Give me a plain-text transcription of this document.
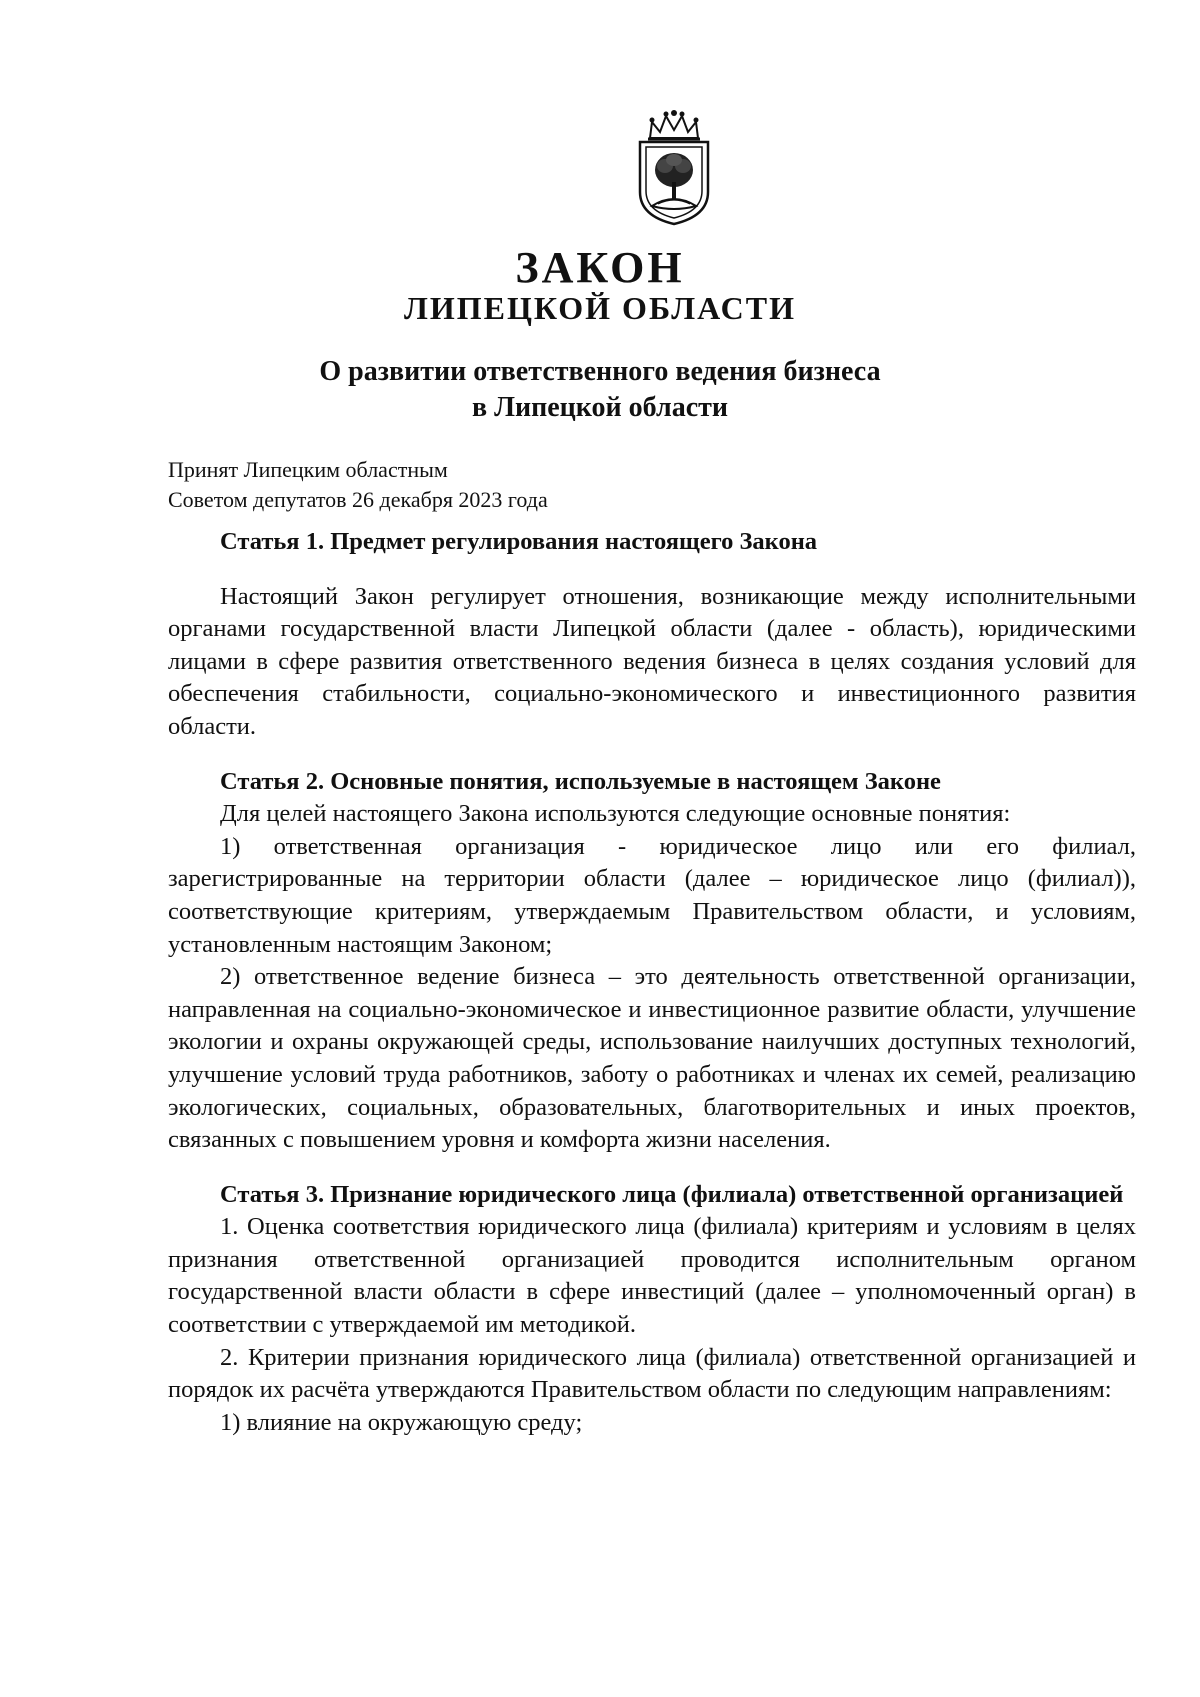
ЗАКОН
ЛИПЕЦКОЙ ОБЛАСТИ
О развитии ответственного ведения бизнеса
в Липецкой области
Принят Липецким областным
Советом депутатов 26 декабря 2023 года

Статья 1. Предмет регулирования настоящего Закона

Настоящий Закон регулирует отношения, возникающие между исполнительными органами государственной власти Липецкой области (далее - область), юридическими лицами в сфере развития ответственного ведения бизнеса в целях создания условий для обеспечения стабильности, социально-экономического и инвестиционного развития области.

Статья 2. Основные понятия, используемые в настоящем Законе

Для целей настоящего Закона используются следующие основные понятия:

1) ответственная организация - юридическое лицо или его филиал, зарегистрированные на территории области (далее – юридическое лицо (филиал)), соответствующие критериям, утверждаемым Правительством области, и условиям, установленным настоящим Законом;

2) ответственное ведение бизнеса – это деятельность ответственной организации, направленная на социально-экономическое и инвестиционное развитие области, улучшение экологии и охраны окружающей среды, использование наилучших доступных технологий, улучшение условий труда работников, заботу о работниках и членах их семей, реализацию экологических, социальных, образовательных, благотворительных и иных проектов, связанных с повышением уровня и комфорта жизни населения.

Статья 3. Признание юридического лица (филиала) ответственной организацией

1. Оценка соответствия юридического лица (филиала) критериям и условиям в целях признания ответственной организацией проводится исполнительным органом государственной власти области в сфере инвестиций (далее – уполномоченный орган) в соответствии с утверждаемой им методикой.

2. Критерии признания юридического лица (филиала) ответственной организацией и порядок их расчёта утверждаются Правительством области по следующим направлениям:

1) влияние на окружающую среду;
